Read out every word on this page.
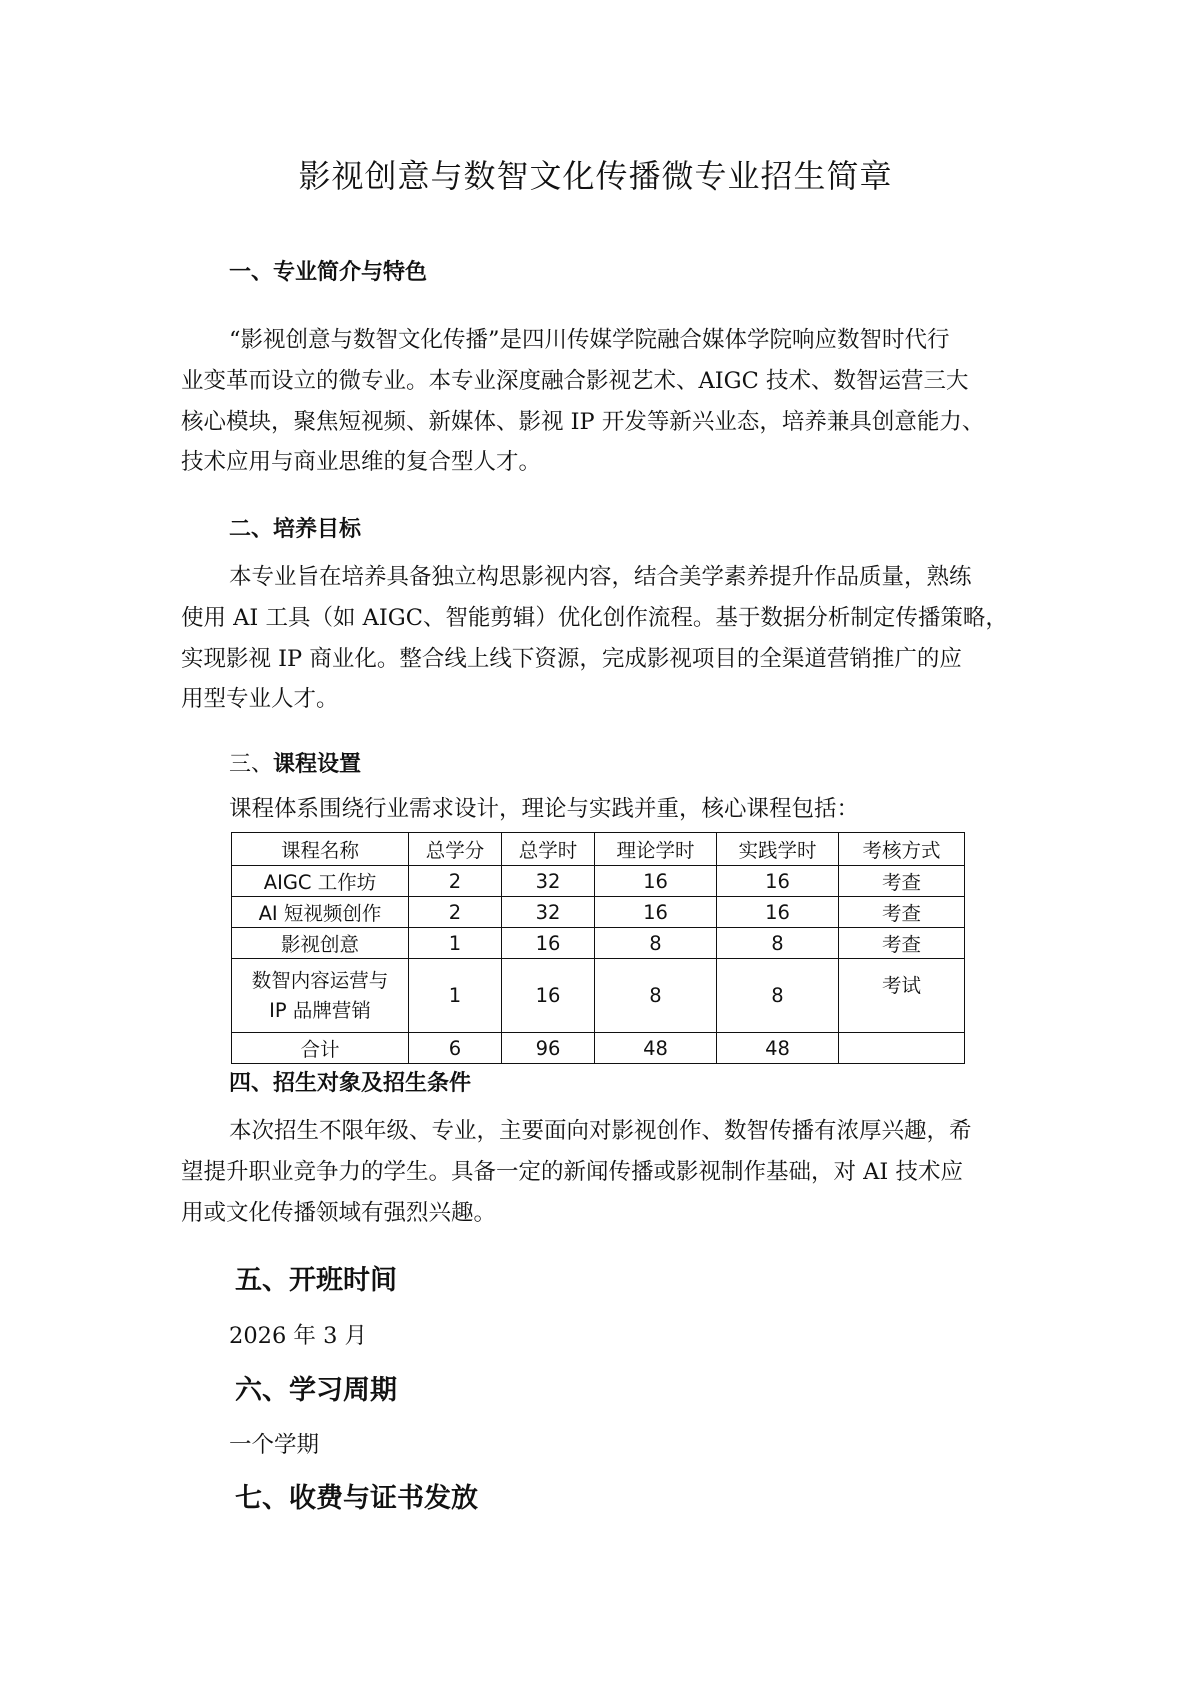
影视创意与数智文化传播微专业招生简章
一、专业简介与特色
“影视创意与数智文化传播”是四川传媒学院融合媒体学院响应数智时代行
业变革而设立的微专业。本专业深度融合影视艺术、AIGC 技术、数智运营三大
核心模块，聚焦短视频、新媒体、影视 IP 开发等新兴业态，培养兼具创意能力、
技术应用与商业思维的复合型人才。
二、培养目标
本专业旨在培养具备独立构思影视内容，结合美学素养提升作品质量，熟练
使用 AI 工具（如 AIGC、智能剪辑）优化创作流程。基于数据分析制定传播策略，
实现影视 IP 商业化。整合线上线下资源，完成影视项目的全渠道营销推广的应
用型专业人才。
三、课程设置
课程体系围绕行业需求设计，理论与实践并重，核心课程包括：
课程名称	总学分	总学时	理论学时	实践学时	考核方式
AIGC 工作坊	2	32	16	16	考查
AI 短视频创作	2	32	16	16	考查
影视创意	1	16	8	8	考查

数智内容运营与
IP 品牌营销	1	16	8	8	考试
合计	6	96	48	48	
四、招生对象及招生条件
本次招生不限年级、专业，主要面向对影视创作、数智传播有浓厚兴趣，希
望提升职业竞争力的学生。具备一定的新闻传播或影视制作基础，对 AI 技术应
用或文化传播领域有强烈兴趣。
五、开班时间
2026 年 3 月
六、学习周期
一个学期
七、收费与证书发放
